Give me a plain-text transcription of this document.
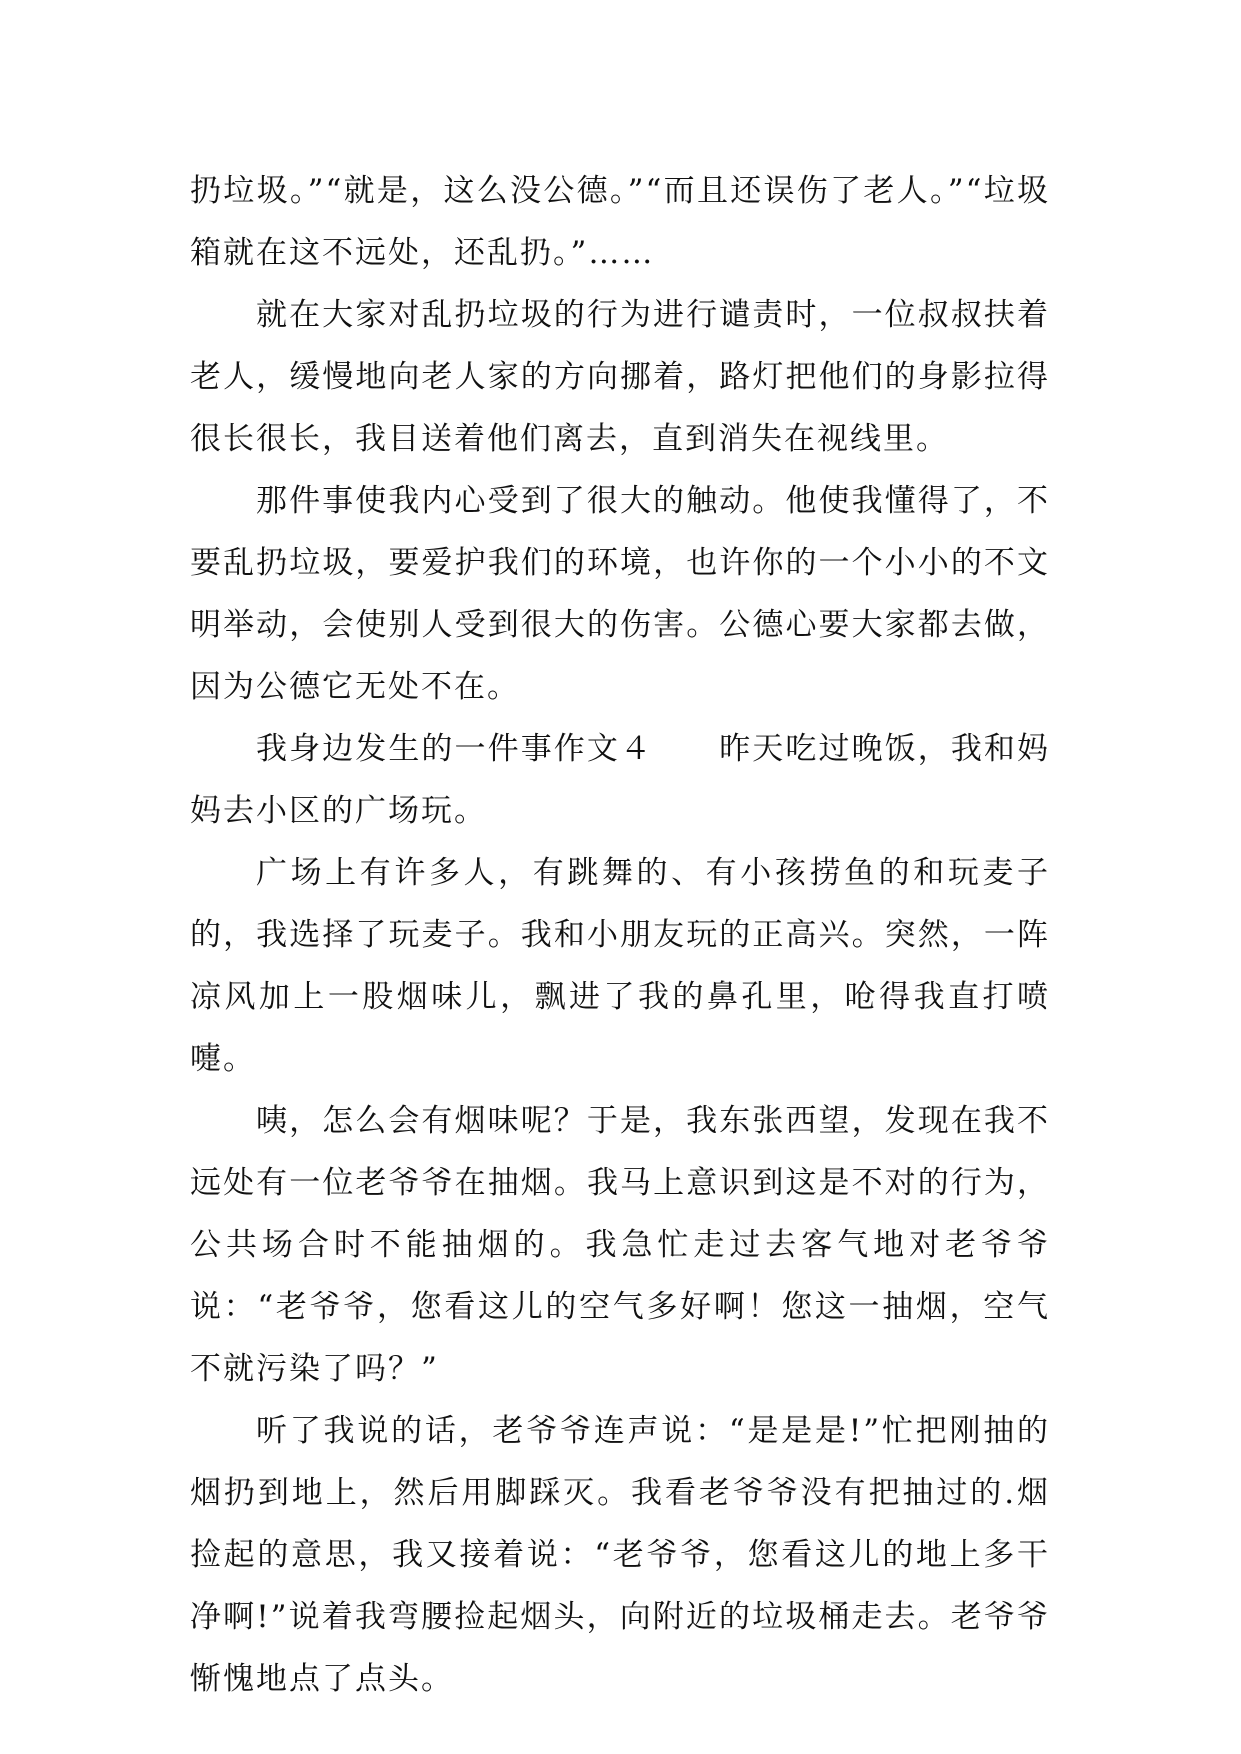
扔垃圾。”“就是，这么没公德。”“而且还误伤了老人。”“垃圾箱就在这不远处，还乱扔。”……

就在大家对乱扔垃圾的行为进行谴责时，一位叔叔扶着老人，缓慢地向老人家的方向挪着，路灯把他们的身影拉得很长很长，我目送着他们离去，直到消失在视线里。

那件事使我内心受到了很大的触动。他使我懂得了，不要乱扔垃圾，要爱护我们的环境，也许你的一个小小的不文明举动，会使别人受到很大的伤害。公德心要大家都去做，因为公德它无处不在。

我身边发生的一件事作文４　　昨天吃过晚饭，我和妈妈去小区的广场玩。

广场上有许多人，有跳舞的、有小孩捞鱼的和玩麦子的，我选择了玩麦子。我和小朋友玩的正高兴。突然，一阵凉风加上一股烟味儿，飘进了我的鼻孔里，呛得我直打喷嚏。

咦，怎么会有烟味呢？于是，我东张西望，发现在我不远处有一位老爷爷在抽烟。我马上意识到这是不对的行为，公共场合时不能抽烟的。我急忙走过去客气地对老爷爷说：“老爷爷，您看这儿的空气多好啊！您这一抽烟，空气不就污染了吗？”

听了我说的话，老爷爷连声说：“是是是!”忙把刚抽的烟扔到地上，然后用脚踩灭。我看老爷爷没有把抽过的.烟捡起的意思，我又接着说：“老爷爷，您看这儿的地上多干净啊!”说着我弯腰捡起烟头，向附近的垃圾桶走去。老爷爷惭愧地点了点头。
